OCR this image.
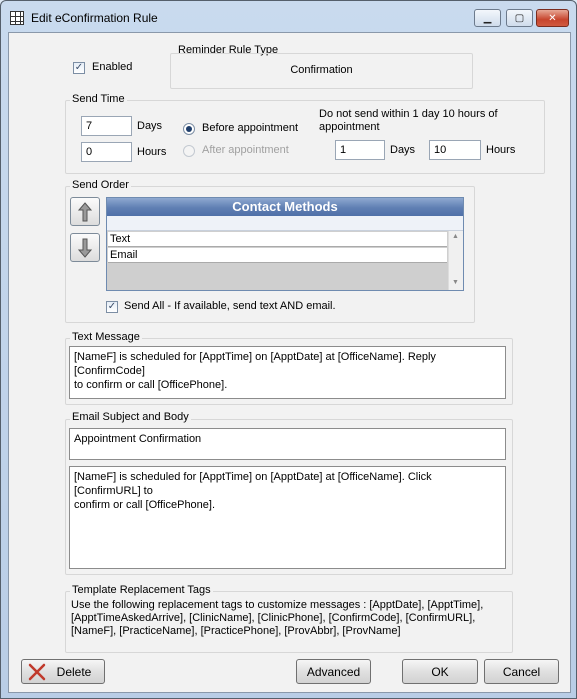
Edit eConfirmation Rule	▁ ▢ ✕
✓ Enabled
Reminder Rule Type
Confirmation
Send Time
7	Days
0	Hours
Before appointment
After appointment
Do not send within 1 day 10 hours of appointment
1	Days	10	Hours
Send Order
Contact Methods
Text
Email
▲
▼
✓ Send All - If available, send text AND email.
Text Message
[NameF] is scheduled for [ApptTime] on [ApptDate] at [OfficeName]. Reply [ConfirmCode]
to confirm or call [OfficePhone].
Email Subject and Body
Appointment Confirmation
[NameF] is scheduled for [ApptTime] on [ApptDate] at [OfficeName]. Click [ConfirmURL] to
confirm or call [OfficePhone].
Template Replacement Tags
Use the following replacement tags to customize messages : [ApptDate], [ApptTime], [ApptTimeAskedArrive], [ClinicName], [ClinicPhone], [ConfirmCode], [ConfirmURL], [NameF], [PracticeName], [PracticePhone], [ProvAbbr], [ProvName]
Delete	Advanced	OK	Cancel
